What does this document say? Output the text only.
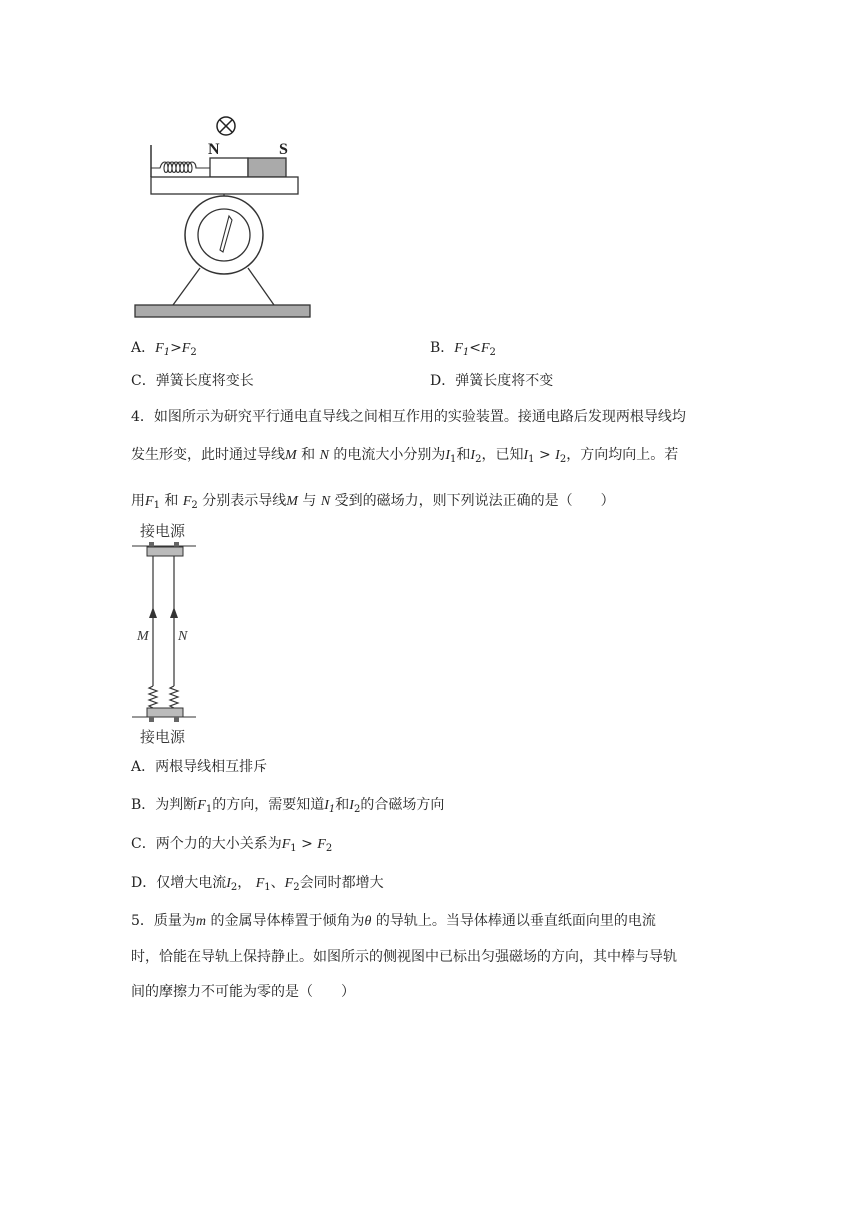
N	S
A．$F_1>F_2$	B．$F_1<F_2$
C．弹簧长度将变长	D．弹簧长度将不变
4．如图所示为研究平行通电直导线之间相互作用的实验装置。接通电路后发现两根导线均
发生形变，此时通过导线M 和 N 的电流大小分别为$I_1$和$I_2$，已知$I_1 > I_2$，方向均向上。若
用$F_1$ 和 $F_2$ 分别表示导线M 与 N 受到的磁场力，则下列说法正确的是（　　）
接电源
M N
接电源
A．两根导线相互排斥
B．为判断$F_1$的方向，需要知道$I_1$和$I_2$的合磁场方向
C．两个力的大小关系为$F_1 > F_2$
D．仅增大电流$I_2$， $F_1$、$F_2$会同时都增大
5．质量为m 的金属导体棒置于倾角为θ 的导轨上。当导体棒通以垂直纸面向里的电流
时，恰能在导轨上保持静止。如图所示的侧视图中已标出匀强磁场的方向，其中棒与导轨
间的摩擦力不可能为零的是（　　）
